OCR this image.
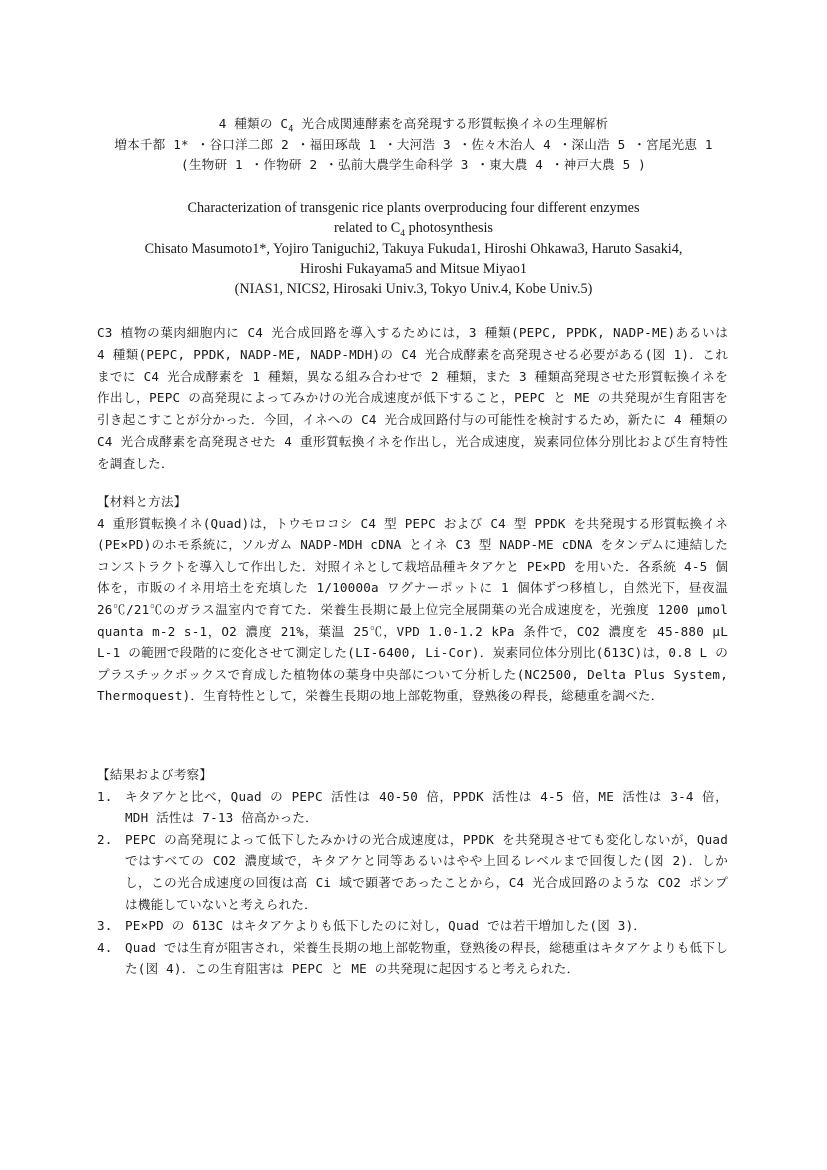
4 種類の $C_4$ 光合成関連酵素を高発現する形質転換イネの生理解析
増本千都 1* ・谷口洋二郎 2 ・福田琢哉 1 ・大河浩 3 ・佐々木治人 4 ・深山浩 5 ・宮尾光恵 1
(生物研 1 ・作物研 2 ・弘前大農学生命科学 3 ・東大農 4 ・神戸大農 5 )
Characterization of transgenic rice plants overproducing four different enzymes
related to $C_4$ photosynthesis
Chisato Masumoto1*, Yojiro Taniguchi2, Takuya Fukuda1, Hiroshi Ohkawa3, Haruto Sasaki4,
Hiroshi Fukayama5 and Mitsue Miyao1
(NIAS1, NICS2, Hirosaki Univ.3, Tokyo Univ.4, Kobe Univ.5)
C3 植物の葉肉細胞内に C4 光合成回路を導入するためには，3 種類(PEPC, PPDK, NADP-ME)あるいは 4 種類(PEPC, PPDK, NADP-ME, NADP-MDH)の C4 光合成酵素を高発現させる必要がある(図 1)．これまでに C4 光合成酵素を 1 種類，異なる組み合わせで 2 種類，また 3 種類高発現させた形質転換イネを作出し，PEPC の高発現によってみかけの光合成速度が低下すること，PEPC と ME の共発現が生育阻害を引き起こすことが分かった．今回，イネへの C4 光合成回路付与の可能性を検討するため，新たに 4 種類の C4 光合成酵素を高発現させた 4 重形質転換イネを作出し，光合成速度，炭素同位体分別比および生育特性を調査した．
【材料と方法】
4 重形質転換イネ(Quad)は，トウモロコシ C4 型 PEPC および C4 型 PPDK を共発現する形質転換イネ(PE×PD)のホモ系統に，ソルガム NADP-MDH cDNA とイネ C3 型 NADP-ME cDNA をタンデムに連結したコンストラクトを導入して作出した．対照イネとして栽培品種キタアケと PE×PD を用いた．各系統 4-5 個体を，市販のイネ用培土を充填した 1/10000a ワグナーポットに 1 個体ずつ移植し，自然光下，昼夜温 26℃/21℃のガラス温室内で育てた．栄養生長期に最上位完全展開葉の光合成速度を，光強度 1200 µmol quanta m-2 s-1，O2 濃度 21%，葉温 25℃，VPD 1.0-1.2 kPa 条件で，CO2 濃度を 45-880 µL L-1 の範囲で段階的に変化させて測定した(LI-6400, Li-Cor)．炭素同位体分別比(δ13C)は，0.8 L のプラスチックボックスで育成した植物体の葉身中央部について分析した(NC2500, Delta Plus System, Thermoquest)．生育特性として，栄養生長期の地上部乾物重，登熟後の稈長，総穂重を調べた．
【結果および考察】
1. キタアケと比べ，Quad の PEPC 活性は 40-50 倍，PPDK 活性は 4-5 倍，ME 活性は 3-4 倍，MDH 活性は 7-13 倍高かった．
2. PEPC の高発現によって低下したみかけの光合成速度は，PPDK を共発現させても変化しないが，Quad ではすべての CO2 濃度域で，キタアケと同等あるいはやや上回るレベルまで回復した(図 2)．しかし，この光合成速度の回復は高 Ci 域で顕著であったことから，C4 光合成回路のような CO2 ポンプは機能していないと考えられた．
3. PE×PD の δ13C はキタアケよりも低下したのに対し，Quad では若干増加した(図 3)．
4. Quad では生育が阻害され，栄養生長期の地上部乾物重，登熟後の稈長，総穂重はキタアケよりも低下した(図 4)．この生育阻害は PEPC と ME の共発現に起因すると考えられた．
